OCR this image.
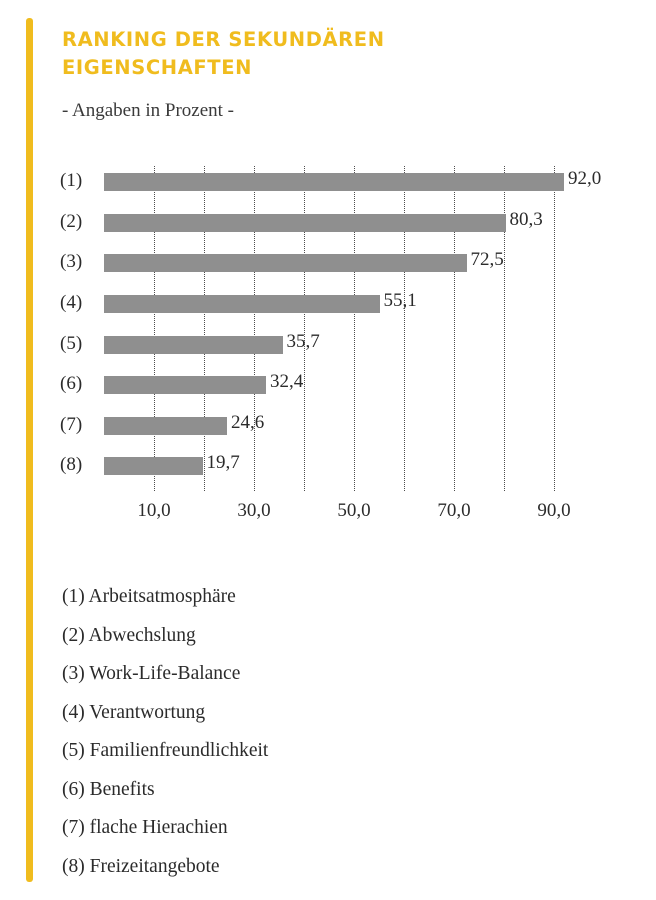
RANKING DER SEKUNDÄREN EIGENSCHAFTEN
- Angaben in Prozent -
(1)	92,0
(2)	80,3
(3)	72,5
(4)	55,1
(5)	35,7
(6)	32,4
(7)	24,6
(8)	19,7
10,0	30,0	50,0	70,0	90,0
(1) Arbeitsatmosphäre
(2) Abwechslung
(3) Work-Life-Balance
(4) Verantwortung
(5) Familienfreundlichkeit
(6) Benefits
(7) flache Hierachien
(8) Freizeitangebote
